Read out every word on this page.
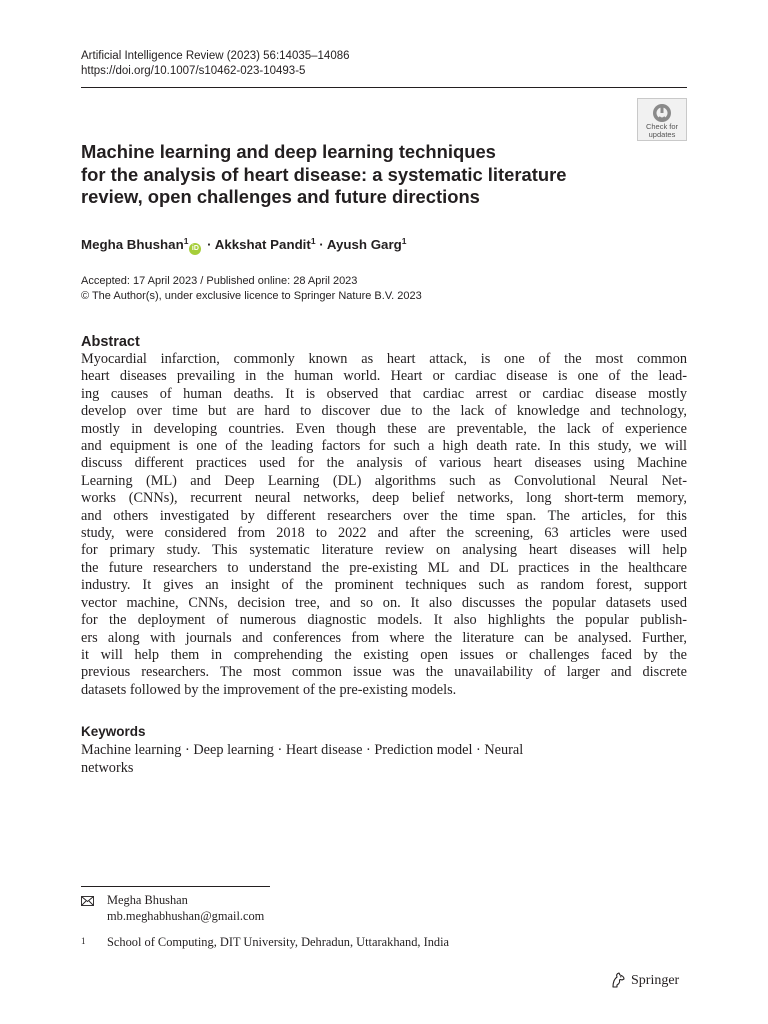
Artificial Intelligence Review (2023) 56:14035–14086
https://doi.org/10.1007/s10462-023-10493-5
Check for
updates
Machine learning and deep learning techniques
for the analysis of heart disease: a systematic literature
review, open challenges and future directions
Megha Bhushan$^1$iD · Akkshat Pandit$^1$ · Ayush Garg$^1$
Accepted: 17 April 2023 / Published online: 28 April 2023
© The Author(s), under exclusive licence to Springer Nature B.V. 2023
Abstract
Myocardial infarction, commonly known as heart attack, is one of the most common
heart diseases prevailing in the human world. Heart or cardiac disease is one of the lead-
ing causes of human deaths. It is observed that cardiac arrest or cardiac disease mostly
develop over time but are hard to discover due to the lack of knowledge and technology,
mostly in developing countries. Even though these are preventable, the lack of experience
and equipment is one of the leading factors for such a high death rate. In this study, we will
discuss different practices used for the analysis of various heart diseases using Machine
Learning (ML) and Deep Learning (DL) algorithms such as Convolutional Neural Net-
works (CNNs), recurrent neural networks, deep belief networks, long short-term memory,
and others investigated by different researchers over the time span. The articles, for this
study, were considered from 2018 to 2022 and after the screening, 63 articles were used
for primary study. This systematic literature review on analysing heart diseases will help
the future researchers to understand the pre-existing ML and DL practices in the healthcare
industry. It gives an insight of the prominent techniques such as random forest, support
vector machine, CNNs, decision tree, and so on. It also discusses the popular datasets used
for the deployment of numerous diagnostic models. It also highlights the popular publish-
ers along with journals and conferences from where the literature can be analysed. Further,
it will help them in comprehending the existing open issues or challenges faced by the
previous researchers. The most common issue was the unavailability of larger and discrete
datasets followed by the improvement of the pre-existing models.
Keywords
Machine learning · Deep learning · Heart disease · Prediction model · Neural
networks
Megha Bhushan
mb.meghabhushan@gmail.com
1	School of Computing, DIT University, Dehradun, Uttarakhand, India
Springer
